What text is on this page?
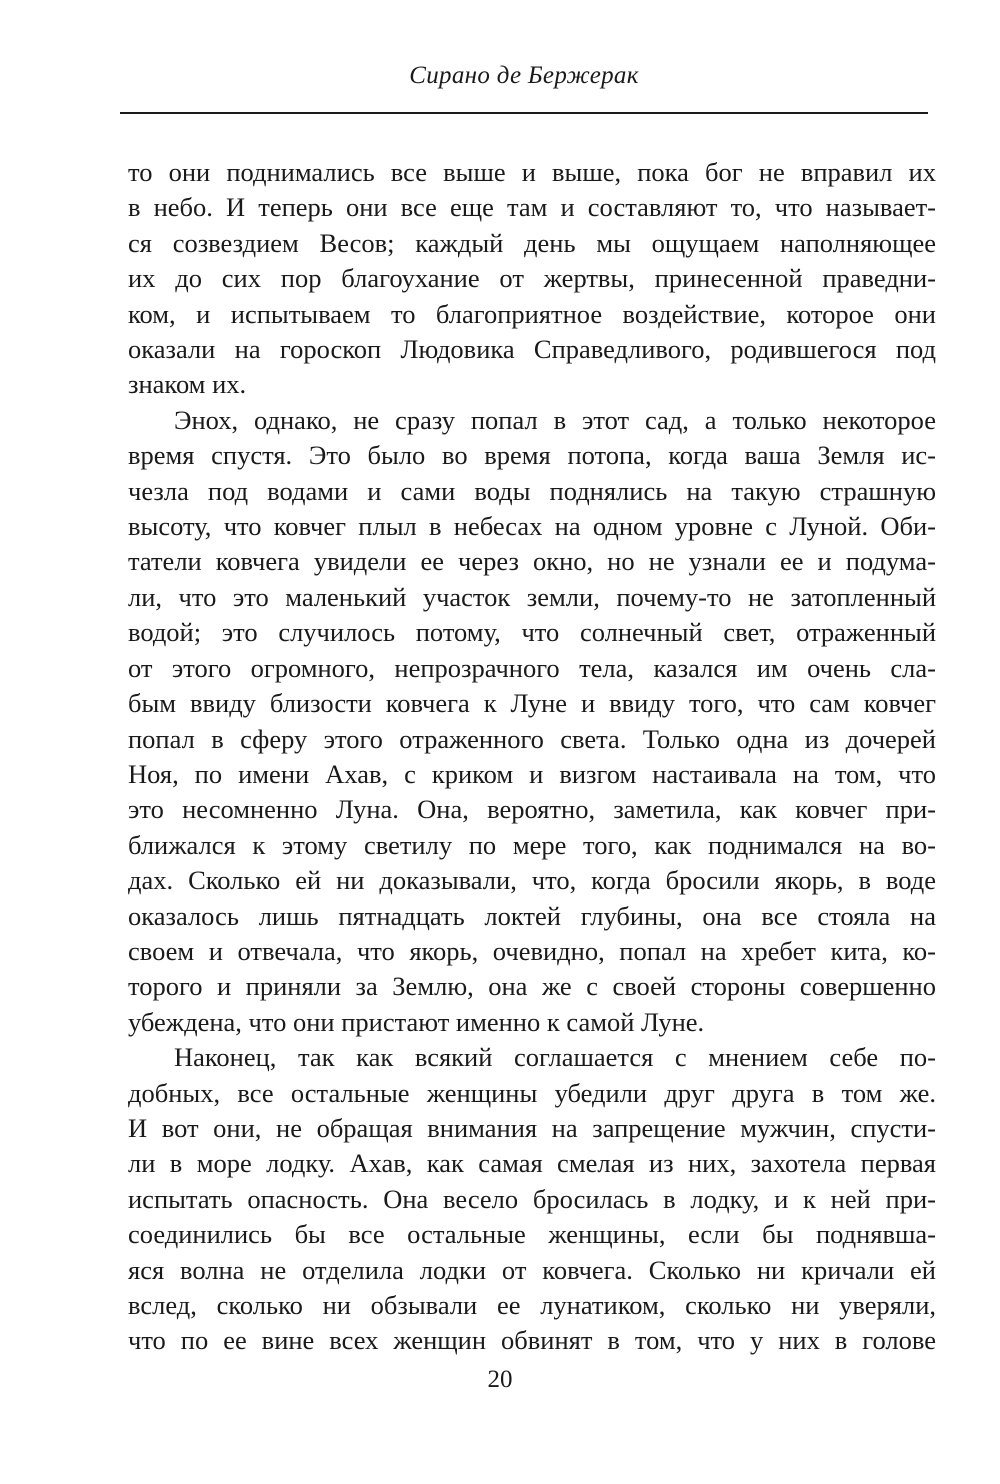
Сирано де Бержерак

то они поднимались все выше и выше, пока бог не вправил их

в небо. И теперь они все еще там и составляют то, что называет-

ся созвездием Весов; каждый день мы ощущаем наполняющее

их до сих пор благоухание от жертвы, принесенной праведни-

ком, и испытываем то благоприятное воздействие, которое они

оказали на гороскоп Людовика Справедливого, родившегося под

знаком их.

Энох, однако, не сразу попал в этот сад, а только некоторое

время спустя. Это было во время потопа, когда ваша Земля ис-

чезла под водами и сами воды поднялись на такую страшную

высоту, что ковчег плыл в небесах на одном уровне с Луной. Оби-

татели ковчега увидели ее через окно, но не узнали ее и подума-

ли, что это маленький участок земли, почему-то не затопленный

водой; это случилось потому, что солнечный свет, отраженный

от этого огромного, непрозрачного тела, казался им очень сла-

бым ввиду близости ковчега к Луне и ввиду того, что сам ковчег

попал в сферу этого отраженного света. Только одна из дочерей

Ноя, по имени Ахав, с криком и визгом настаивала на том, что

это несомненно Луна. Она, вероятно, заметила, как ковчег при-

ближался к этому светилу по мере того, как поднимался на во-

дах. Сколько ей ни доказывали, что, когда бросили якорь, в воде

оказалось лишь пятнадцать локтей глубины, она все стояла на

своем и отвечала, что якорь, очевидно, попал на хребет кита, ко-

торого и приняли за Землю, она же с своей стороны совершенно

убеждена, что они пристают именно к самой Луне.

Наконец, так как всякий соглашается с мнением себе по-

добных, все остальные женщины убедили друг друга в том же.

И вот они, не обращая внимания на запрещение мужчин, спусти-

ли в море лодку. Ахав, как самая смелая из них, захотела первая

испытать опасность. Она весело бросилась в лодку, и к ней при-

соединились бы все остальные женщины, если бы поднявша-

яся волна не отделила лодки от ковчега. Сколько ни кричали ей

вслед, сколько ни обзывали ее лунатиком, сколько ни уверяли,

что по ее вине всех женщин обвинят в том, что у них в голове

20
